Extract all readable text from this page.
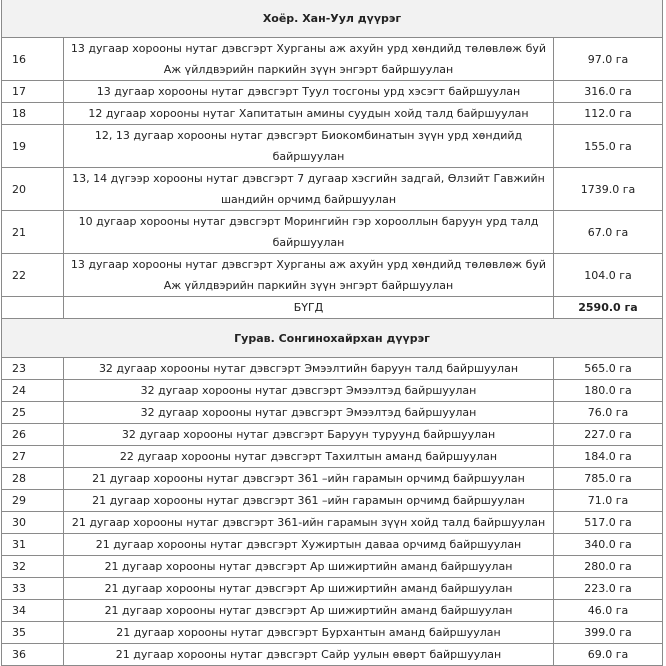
Хоёр. Хан-Уул дүүрэг		
16	13 дугаар хорооны нутаг дэвсгэрт Хурганы аж ахуйн урд хөндийд төлөвлөж буй
Аж үйлдвэрийн паркийн зүүн энгэрт байршуулан	97.0 га
17	13 дугаар хорооны нутаг дэвсгэрт Туул тосгоны урд хэсэгт байршуулан	316.0 га
18	12 дугаар хорооны нутаг Хапитатын амины суудын хойд талд байршуулан	112.0 га
19	12, 13 дугаар хорооны нутаг дэвсгэрт Биокомбинатын зүүн урд хөндийд
байршуулан	155.0 га
20	13, 14 дүгээр хорооны нутаг дэвсгэрт 7 дугаар хэсгийн задгай, Өлзийт Гавжийн
шандийн орчимд байршуулан	1739.0 га
21	10 дугаар хорооны нутаг дэвсгэрт Морингийн гэр хорооллын баруун урд талд
байршуулан	67.0 га
22	13 дугаар хорооны нутаг дэвсгэрт Хурганы аж ахуйн урд хөндийд төлөвлөж буй
Аж үйлдвэрийн паркийн зүүн энгэрт байршуулан	104.0 га
	БҮГД	2590.0 га
Гурав. Сонгинохайрхан дүүрэг		
23	32 дугаар хорооны нутаг дэвсгэрт Эмээлтийн баруун талд байршуулан	565.0 га
24	32 дугаар хорооны нутаг дэвсгэрт Эмээлтэд байршуулан	180.0 га
25	32 дугаар хорооны нутаг дэвсгэрт Эмээлтэд байршуулан	76.0 га
26	32 дугаар хорооны нутаг дэвсгэрт Баруун туруунд байршуулан	227.0 га
27	22 дугаар хорооны нутаг дэвсгэрт Тахилтын аманд байршуулан	184.0 га
28	21 дугаар хорооны нутаг дэвсгэрт 361 –ийн гарамын орчимд байршуулан	785.0 га
29	21 дугаар хорооны нутаг дэвсгэрт 361 –ийн гарамын орчимд байршуулан	71.0 га
30	21 дугаар хорооны нутаг дэвсгэрт 361-ийн гарамын зүүн хойд талд байршуулан	517.0 га
31	21 дугаар хорооны нутаг дэвсгэрт Хужиртын даваа орчимд байршуулан	340.0 га
32	21 дугаар хорооны нутаг дэвсгэрт Ар шижиртийн аманд байршуулан	280.0 га
33	21 дугаар хорооны нутаг дэвсгэрт Ар шижиртийн аманд байршуулан	223.0 га
34	21 дугаар хорооны нутаг дэвсгэрт Ар шижиртийн аманд байршуулан	46.0 га
35	21 дугаар хорооны нутаг дэвсгэрт Бурхантын аманд байршуулан	399.0 га
36	21 дугаар хорооны нутаг дэвсгэрт Сайр уулын өвөрт байршуулан	69.0 га
